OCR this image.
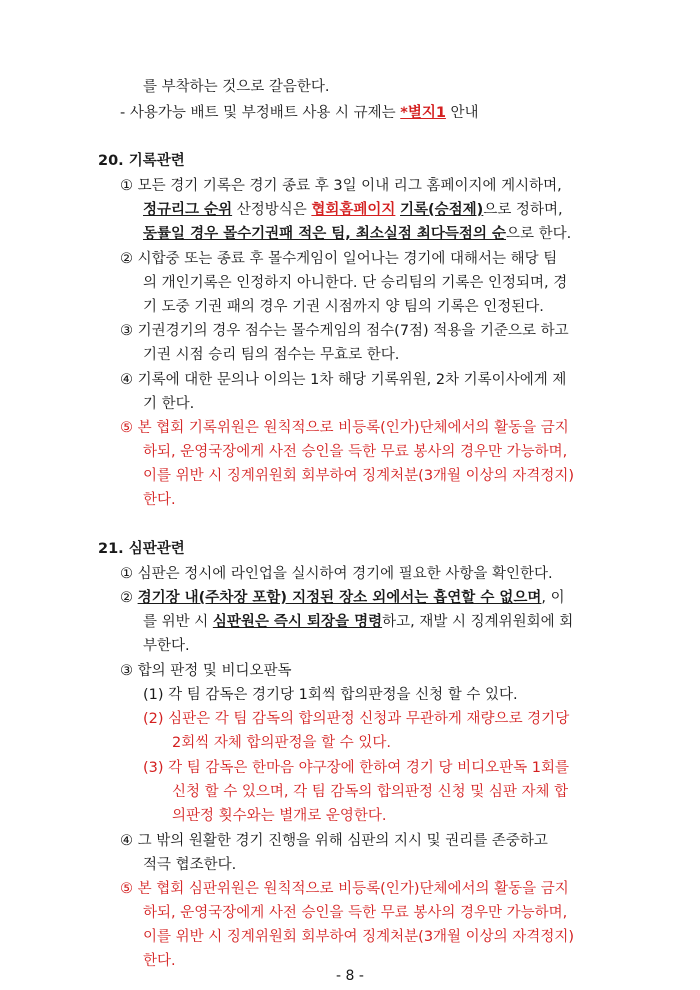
를 부착하는 것으로 갈음한다.
- 사용가능 배트 및 부정배트 사용 시 규제는 *별지1 안내
20. 기록관련
① 모든 경기 기록은 경기 종료 후 3일 이내 리그 홈페이지에 게시하며,
정규리그 순위 산정방식은 협회홈페이지 기록(승점제)으로 정하며,
동률일 경우 몰수기권패 적은 팀, 최소실점 최다득점의 순으로 한다.
② 시합중 또는 종료 후 몰수게임이 일어나는 경기에 대해서는 해당 팀
의 개인기록은 인정하지 아니한다. 단 승리팀의 기록은 인정되며, 경
기 도중 기권 패의 경우 기권 시점까지 양 팀의 기록은 인정된다.
③ 기권경기의 경우 점수는 몰수게임의 점수(7점) 적용을 기준으로 하고
기권 시점 승리 팀의 점수는 무효로 한다.
④ 기록에 대한 문의나 이의는 1차 해당 기록위원, 2차 기록이사에게 제
기 한다.
⑤ 본 협회 기록위원은 원칙적으로 비등록(인가)단체에서의 활동을 금지
하되, 운영국장에게 사전 승인을 득한 무료 봉사의 경우만 가능하며,
이를 위반 시 징계위원회 회부하여 징계처분(3개월 이상의 자격정지)
한다.
21. 심판관련
① 심판은 정시에 라인업을 실시하여 경기에 필요한 사항을 확인한다.
② 경기장 내(주차장 포함) 지정된 장소 외에서는 흡연할 수 없으며, 이
를 위반 시 심판원은 즉시 퇴장을 명령하고, 재발 시 징계위원회에 회
부한다.
③ 합의 판정 및 비디오판독
(1) 각 팀 감독은 경기당 1회씩 합의판정을 신청 할 수 있다.
(2) 심판은 각 팀 감독의 합의판정 신청과 무관하게 재량으로 경기당
2회씩 자체 합의판정을 할 수 있다.
(3) 각 팀 감독은 한마음 야구장에 한하여 경기 당 비디오판독 1회를
신청 할 수 있으며, 각 팀 감독의 합의판정 신청 및 심판 자체 합
의판정 횟수와는 별개로 운영한다.
④ 그 밖의 원활한 경기 진행을 위해 심판의 지시 및 권리를 존중하고
적극 협조한다.
⑤ 본 협회 심판위원은 원칙적으로 비등록(인가)단체에서의 활동을 금지
하되, 운영국장에게 사전 승인을 득한 무료 봉사의 경우만 가능하며,
이를 위반 시 징계위원회 회부하여 징계처분(3개월 이상의 자격정지)
한다.
- 8 -
